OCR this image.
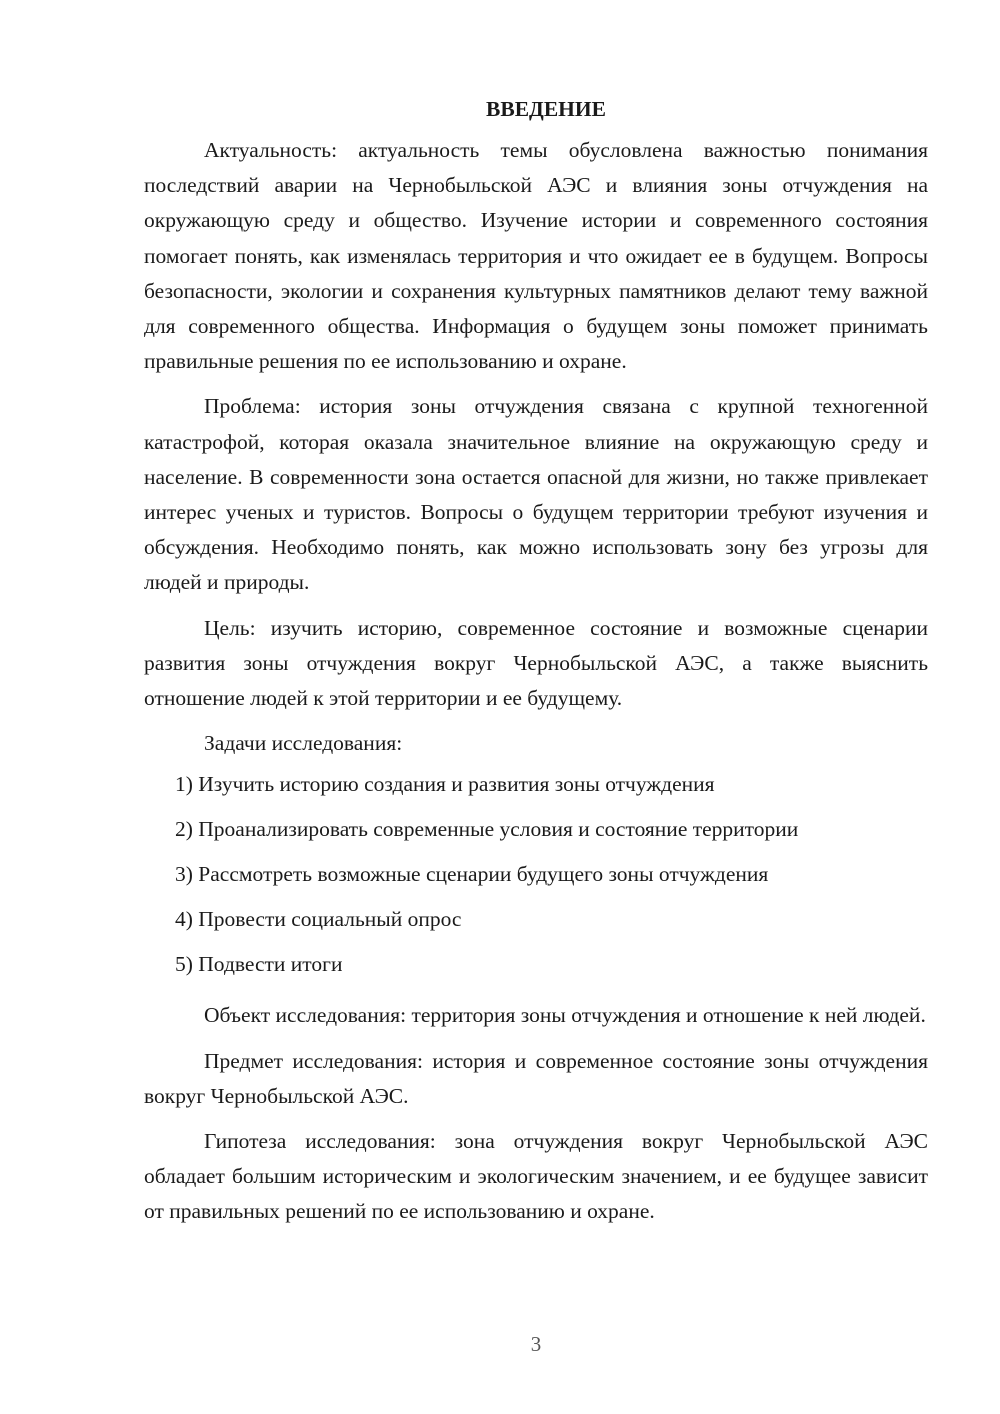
ВВЕДЕНИЕ

Актуальность: актуальность темы обусловлена важностью понимания последствий аварии на Чернобыльской АЭС и влияния зоны отчуждения на окружающую среду и общество. Изучение истории и современного состояния помогает понять, как изменялась территория и что ожидает ее в будущем. Вопросы безопасности, экологии и сохранения культурных памятников делают тему важной для современного общества. Информация о будущем зоны поможет принимать правильные решения по ее использованию и охране.

Проблема: история зоны отчуждения связана с крупной техногенной катастрофой, которая оказала значительное влияние на окружающую среду и население. В современности зона остается опасной для жизни, но также привлекает интерес ученых и туристов. Вопросы о будущем территории требуют изучения и обсуждения. Необходимо понять, как можно использовать зону без угрозы для людей и природы.

Цель: изучить историю, современное состояние и возможные сценарии развития зоны отчуждения вокруг Чернобыльской АЭС, а также выяснить отношение людей к этой территории и ее будущему.

Задачи исследования:

1) Изучить историю создания и развития зоны отчуждения
2) Проанализировать современные условия и состояние территории
3) Рассмотреть возможные сценарии будущего зоны отчуждения
4) Провести социальный опрос
5) Подвести итоги

Объект исследования: территория зоны отчуждения и отношение к ней людей.

Предмет исследования: история и современное состояние зоны отчуждения вокруг Чернобыльской АЭС.

Гипотеза исследования: зона отчуждения вокруг Чернобыльской АЭС обладает большим историческим и экологическим значением, и ее будущее зависит от правильных решений по ее использованию и охране.

3
